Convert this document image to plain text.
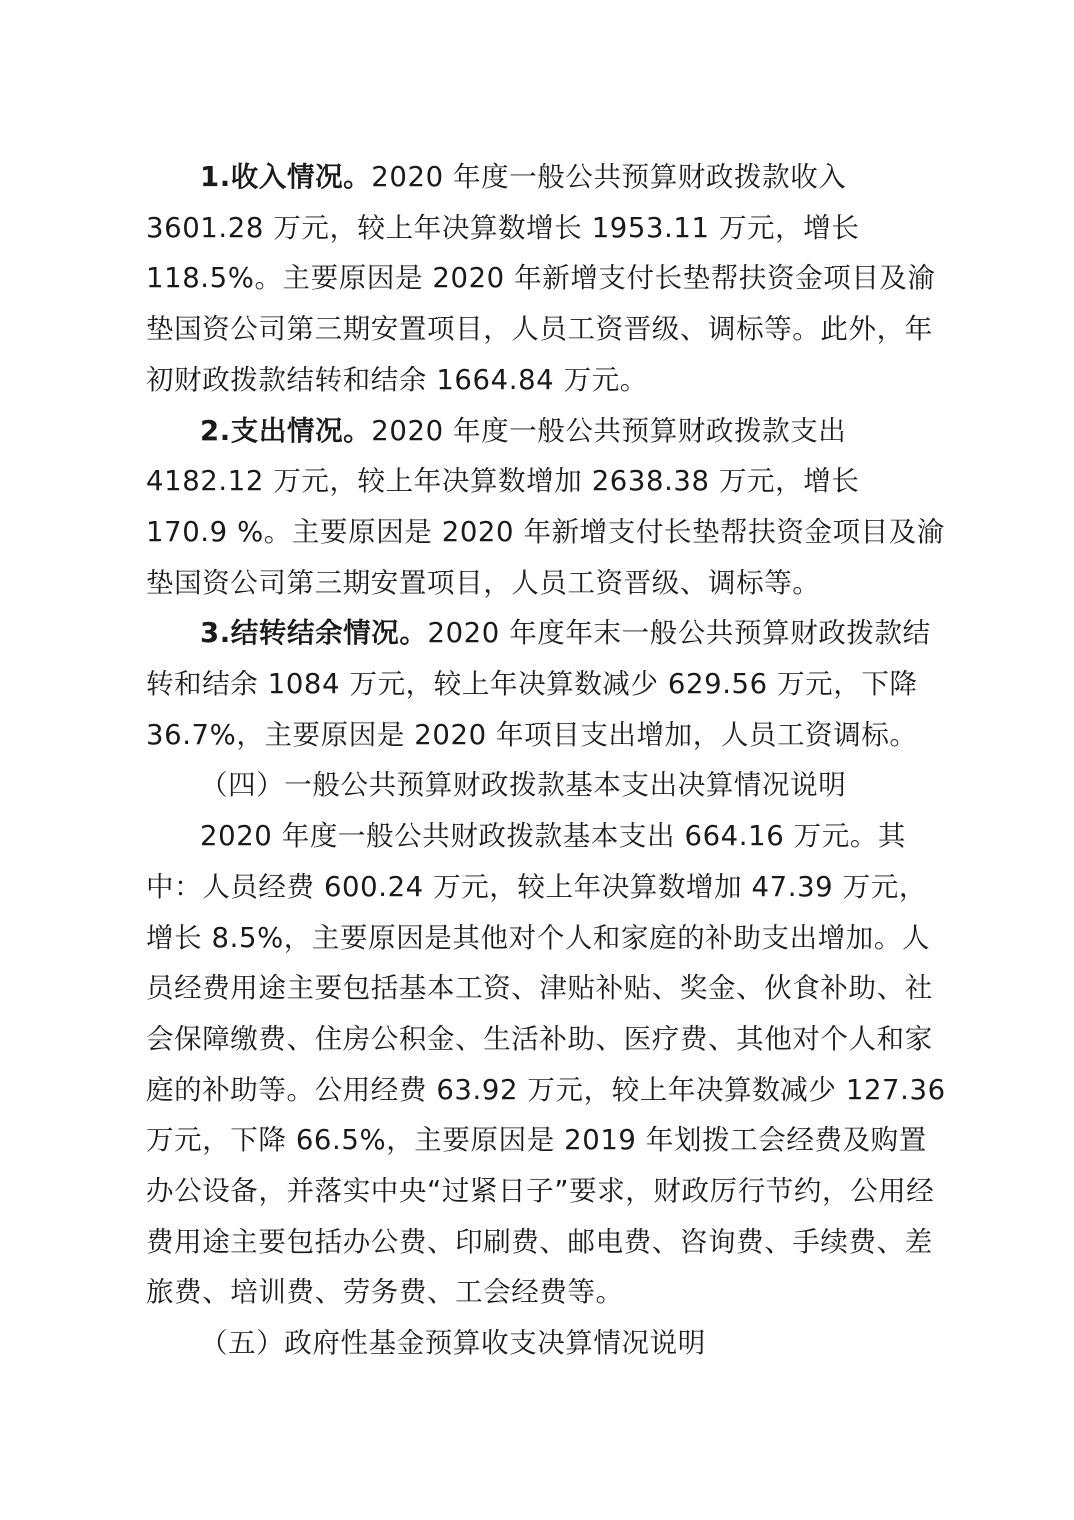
1.收入情况。2020 年度一般公共预算财政拨款收入 3601.28 万元，较上年决算数增长 1953.11 万元，增长 118.5%。主要原因是 2020 年新增支付长垫帮扶资金项目及渝垫国资公司第三期安置项目，人员工资晋级、调标等。此外，年初财政拨款结转和结余 1664.84 万元。

2.支出情况。2020 年度一般公共预算财政拨款支出 4182.12 万元，较上年决算数增加 2638.38 万元，增长 170.9 %。主要原因是 2020 年新增支付长垫帮扶资金项目及渝垫国资公司第三期安置项目，人员工资晋级、调标等。

3.结转结余情况。2020 年度年末一般公共预算财政拨款结转和结余 1084 万元，较上年决算数减少 629.56 万元，下降 36.7%，主要原因是 2020 年项目支出增加，人员工资调标。

（四）一般公共预算财政拨款基本支出决算情况说明

2020 年度一般公共财政拨款基本支出 664.16 万元。其中：人员经费 600.24 万元，较上年决算数增加 47.39 万元，增长 8.5%，主要原因是其他对个人和家庭的补助支出增加。人员经费用途主要包括基本工资、津贴补贴、奖金、伙食补助、社会保障缴费、住房公积金、生活补助、医疗费、其他对个人和家庭的补助等。公用经费 63.92 万元，较上年决算数减少 127.36 万元，下降 66.5%，主要原因是 2019 年划拨工会经费及购置办公设备，并落实中央“过紧日子”要求，财政厉行节约，公用经费用途主要包括办公费、印刷费、邮电费、咨询费、手续费、差旅费、培训费、劳务费、工会经费等。

（五）政府性基金预算收支决算情况说明
